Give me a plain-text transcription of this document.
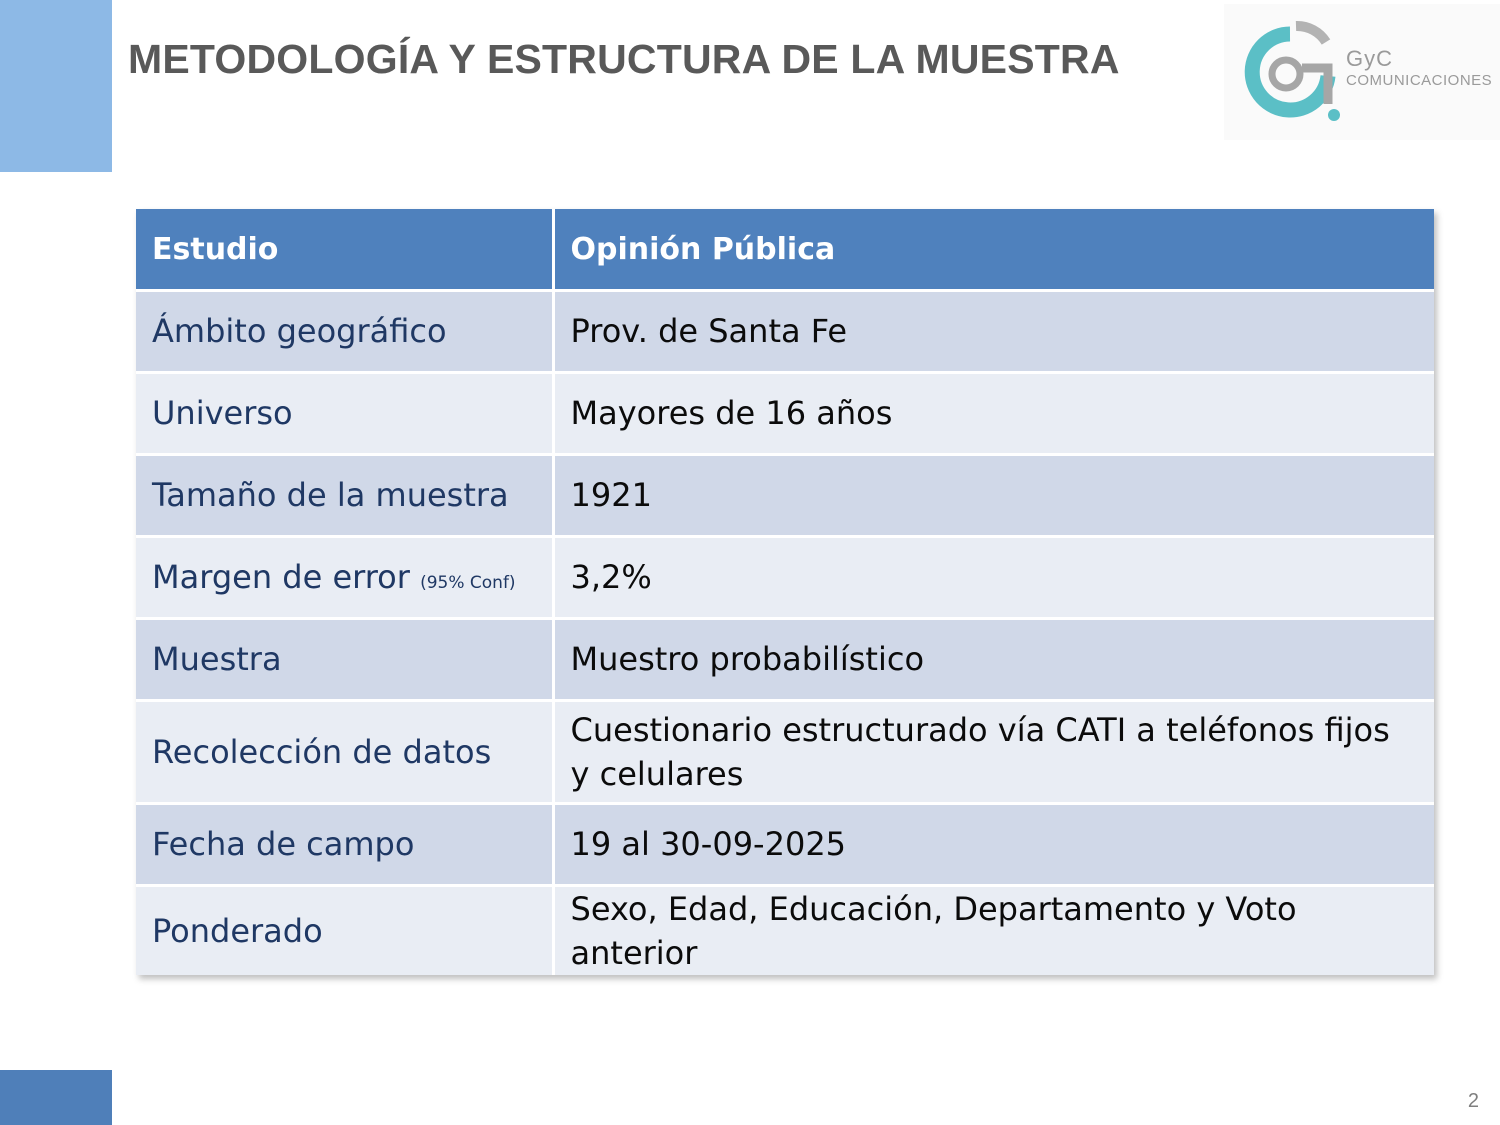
METODOLOGÍA Y ESTRUCTURA DE LA MUESTRA	GyC
COMUNICACIONES
Estudio	Opinión Pública
Ámbito geográfico	Prov. de Santa Fe
Universo	Mayores de 16 años
Tamaño de la muestra	1921
Margen de error (95% Conf)	3,2%
Muestra	Muestro probabilístico
Recolección de datos	Cuestionario estructurado vía CATI a teléfonos fijos y celulares
Fecha de campo	19 al 30-09-2025
Ponderado	Sexo, Edad, Educación, Departamento y Voto anterior
2
